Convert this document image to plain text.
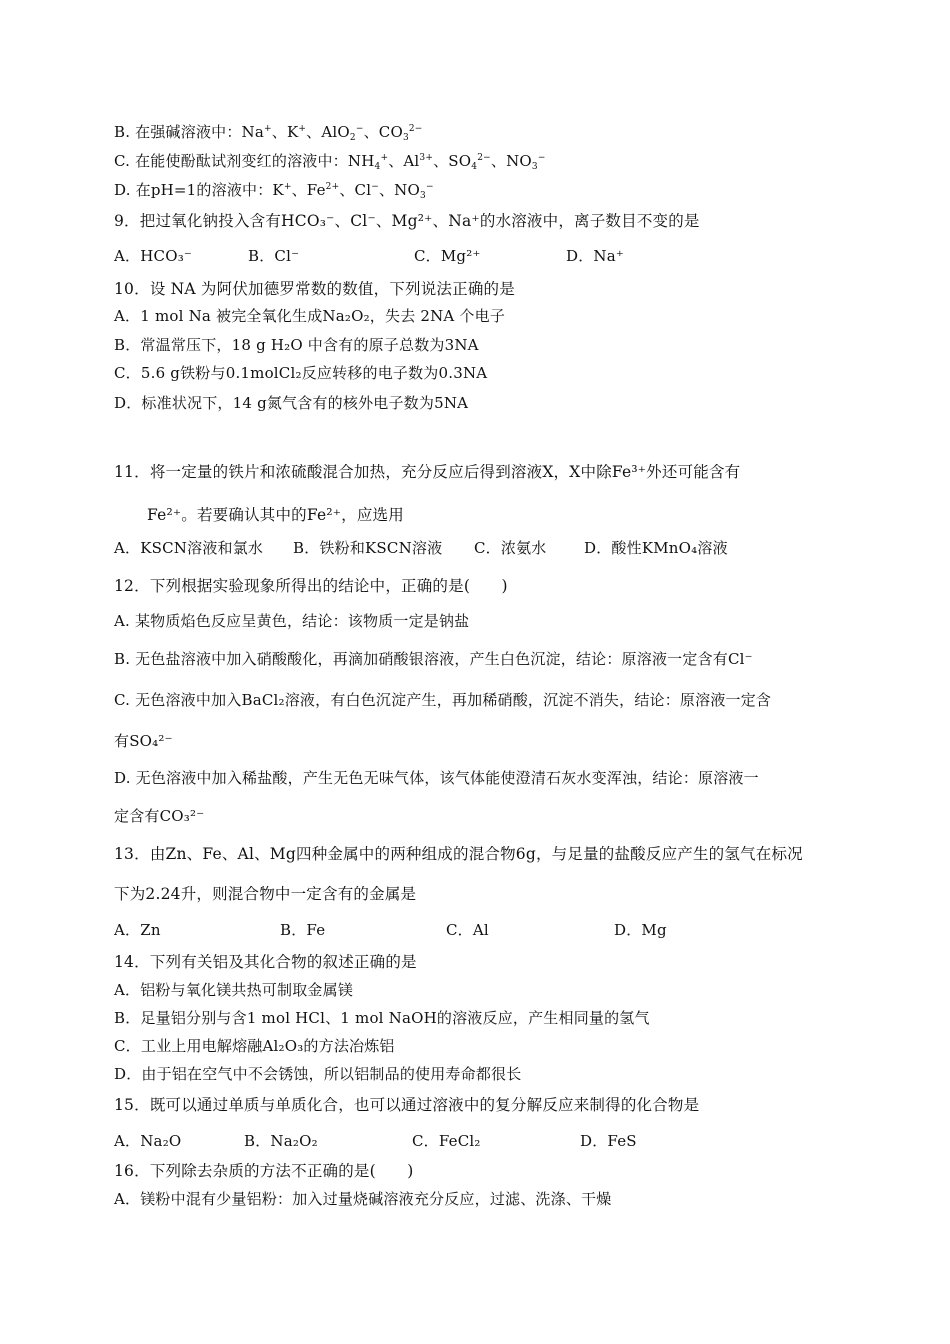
B. 在强碱溶液中：Na+、K+、AlO$_2$−、$CO_3^{2-}$
C. 在能使酚酞试剂变红的溶液中：$NH_4^+$、$Al^{3+}$、$SO_4^{2-}$、$NO_3^-$
D. 在pH=1的溶液中：K+、$Fe^{2+}$、Cl−、$NO_3^-$
9．把过氧化钠投入含有HCO₃⁻、Cl⁻、Mg²⁺、Na⁺的水溶液中，离子数目不变的是
A．HCO₃⁻	B．Cl⁻	C．Mg²⁺	D．Na⁺
10．设 NA 为阿伏加德罗常数的数值，下列说法正确的是
A．1 mol Na 被完全氧化生成Na₂O₂，失去 2NA 个电子
B．常温常压下，18 g H₂O 中含有的原子总数为3NA
C．5.6 g铁粉与0.1molCl₂反应转移的电子数为0.3NA
D．标准状况下，14 g氮气含有的核外电子数为5NA
11．将一定量的铁片和浓硫酸混合加热，充分反应后得到溶液X，X中除Fe³⁺外还可能含有
Fe²⁺。若要确认其中的Fe²⁺，应选用
A．KSCN溶液和氯水 B．铁粉和KSCN溶液 C．浓氨水	D．酸性KMnO₄溶液
12．下列根据实验现象所得出的结论中，正确的是(　　)
A. 某物质焰色反应呈黄色，结论：该物质一定是钠盐
B. 无色盐溶液中加入硝酸酸化，再滴加硝酸银溶液，产生白色沉淀，结论：原溶液一定含有Cl⁻
C. 无色溶液中加入BaCl₂溶液，有白色沉淀产生，再加稀硝酸，沉淀不消失，结论：原溶液一定含
有SO₄²⁻
D. 无色溶液中加入稀盐酸，产生无色无味气体，该气体能使澄清石灰水变浑浊，结论：原溶液一
定含有CO₃²⁻
13．由Zn、Fe、Al、Mg四种金属中的两种组成的混合物6g，与足量的盐酸反应产生的氢气在标况
下为2.24升，则混合物中一定含有的金属是
A．Zn	B．Fe	C．Al	D．Mg
14．下列有关铝及其化合物的叙述正确的是
A．铝粉与氧化镁共热可制取金属镁
B．足量铝分别与含1 mol HCl、1 mol NaOH的溶液反应，产生相同量的氢气
C．工业上用电解熔融Al₂O₃的方法冶炼铝
D．由于铝在空气中不会锈蚀，所以铝制品的使用寿命都很长
15．既可以通过单质与单质化合，也可以通过溶液中的复分解反应来制得的化合物是
A．Na₂O	B．Na₂O₂	C．FeCl₂	D．FeS
16．下列除去杂质的方法不正确的是(　　)
A．镁粉中混有少量铝粉：加入过量烧碱溶液充分反应，过滤、洗涤、干燥
